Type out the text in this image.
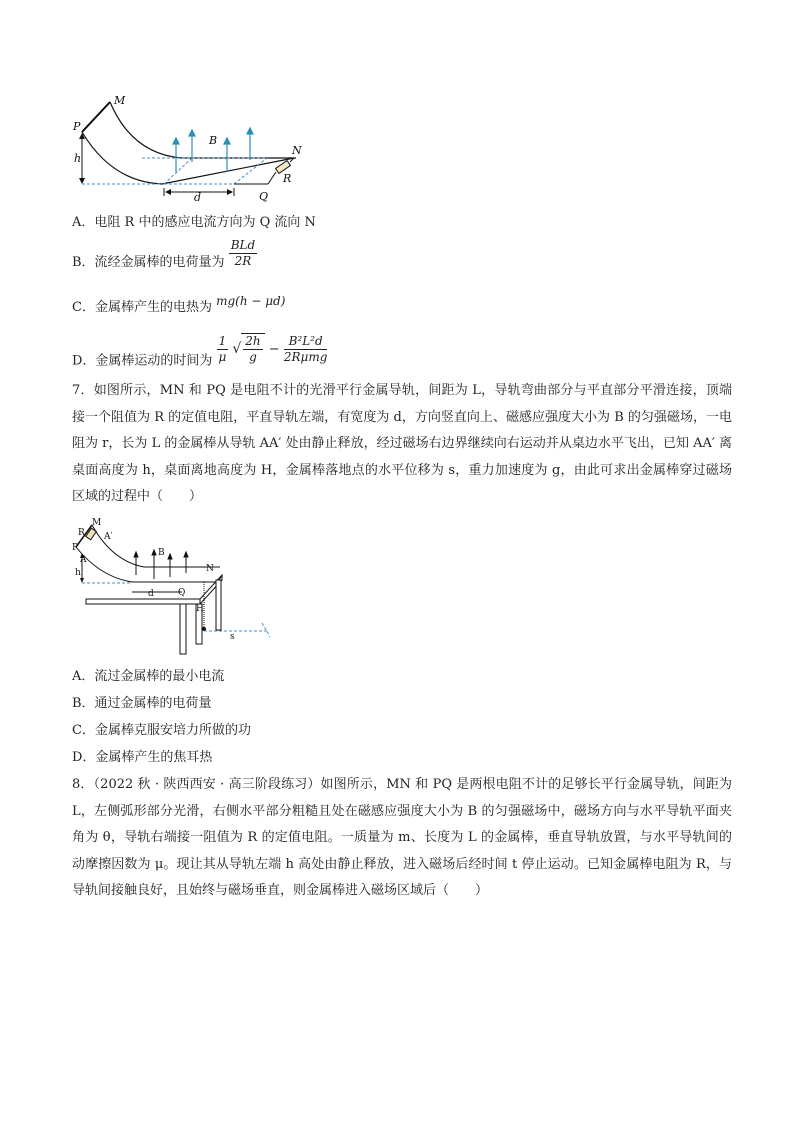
M
P
h
B
N
d	Q
R
A．电阻 R 中的感应电流方向为 Q 流向 N
B．流经金属棒的电荷量为 $\frac{\text{BLd}}{2R}$
C．金属棒产生的电热为 mg(h − μd)
D．金属棒运动的时间为 $\frac{1}{\mu}$ √ $\frac{2h}{g} - \frac{\text{B²L²d}}{\text{2Rμmg}}$
7．如图所示，MN 和 PQ 是电阻不计的光滑平行金属导轨，间距为 L，导轨弯曲部分与平直部分平滑连接，顶端接一个阻值为 R 的定值电阻，平直导轨左端，有宽度为 d，方向竖直向上、磁感应强度大小为 B 的匀强磁场，一电阻为 r，长为 L 的金属棒从导轨 AA′ 处由静止释放，经过磁场右边界继续向右运动并从桌边水平飞出，已知 AA′ 离桌面高度为 h，桌面离地高度为 H，金属棒落地点的水平位移为 s，重力加速度为 g，由此可求出金属棒穿过磁场区域的过程中（　　）
M
R A′
P
A
h
B
N
d	Q
H
s
A．流过金属棒的最小电流
B．通过金属棒的电荷量
C．金属棒克服安培力所做的功
D．金属棒产生的焦耳热
8．（2022 秋 · 陕西西安 · 高三阶段练习）如图所示，MN 和 PQ 是两根电阻不计的足够长平行金属导轨，间距为 L，左侧弧形部分光滑，右侧水平部分粗糙且处在磁感应强度大小为 B 的匀强磁场中，磁场方向与水平导轨平面夹角为 θ，导轨右端接一阻值为 R 的定值电阻。一质量为 m、长度为 L 的金属棒，垂直导轨放置，与水平导轨间的动摩擦因数为 μ。现让其从导轨左端 h 高处由静止释放，进入磁场后经时间 t 停止运动。已知金属棒电阻为 R，与导轨间接触良好，且始终与磁场垂直，则金属棒进入磁场区域后（　　）
